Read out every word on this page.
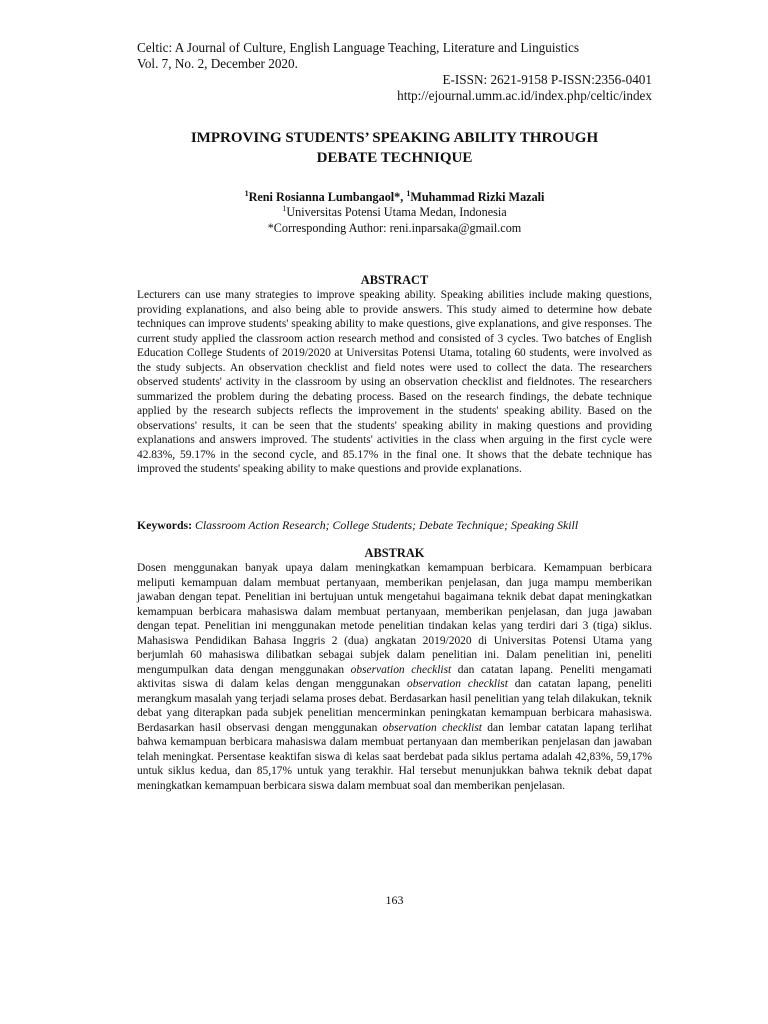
Celtic: A Journal of Culture, English Language Teaching, Literature and Linguistics
Vol. 7, No. 2, December 2020.
E-ISSN: 2621-9158 P-ISSN:2356-0401
http://ejournal.umm.ac.id/index.php/celtic/index
IMPROVING STUDENTS’ SPEAKING ABILITY THROUGH
DEBATE TECHNIQUE
$^1$Reni Rosianna Lumbangaol*, $^1$Muhammad Rizki Mazali
$^1$Universitas Potensi Utama Medan, Indonesia
*Corresponding Author: reni.inparsaka@gmail.com
ABSTRACT
Lecturers can use many strategies to improve speaking ability. Speaking abilities include making questions, providing explanations, and also being able to provide answers. This study aimed to determine how debate techniques can improve students' speaking ability to make questions, give explanations, and give responses. The current study applied the classroom action research method and consisted of 3 cycles. Two batches of English Education College Students of 2019/2020 at Universitas Potensi Utama, totaling 60 students, were involved as the study subjects. An observation checklist and field notes were used to collect the data. The researchers observed students' activity in the classroom by using an observation checklist and fieldnotes. The researchers summarized the problem during the debating process. Based on the research findings, the debate technique applied by the research subjects reflects the improvement in the students' speaking ability. Based on the observations' results, it can be seen that the students' speaking ability in making questions and providing explanations and answers improved. The students' activities in the class when arguing in the first cycle were 42.83%, 59.17% in the second cycle, and 85.17% in the final one. It shows that the debate technique has improved the students' speaking ability to make questions and provide explanations.
Keywords: Classroom Action Research; College Students; Debate Technique; Speaking Skill
ABSTRAK
Dosen menggunakan banyak upaya dalam meningkatkan kemampuan berbicara. Kemampuan berbicara meliputi kemampuan dalam membuat pertanyaan, memberikan penjelasan, dan juga mampu memberikan jawaban dengan tepat. Penelitian ini bertujuan untuk mengetahui bagaimana teknik debat dapat meningkatkan kemampuan berbicara mahasiswa dalam membuat pertanyaan, memberikan penjelasan, dan juga jawaban dengan tepat. Penelitian ini menggunakan metode penelitian tindakan kelas yang terdiri dari 3 (tiga) siklus. Mahasiswa Pendidikan Bahasa Inggris 2 (dua) angkatan 2019/2020 di Universitas Potensi Utama yang berjumlah 60 mahasiswa dilibatkan sebagai subjek dalam penelitian ini. Dalam penelitian ini, peneliti mengumpulkan data dengan menggunakan observation checklist dan catatan lapang. Peneliti mengamati aktivitas siswa di dalam kelas dengan menggunakan observation checklist dan catatan lapang, peneliti merangkum masalah yang terjadi selama proses debat. Berdasarkan hasil penelitian yang telah dilakukan, teknik debat yang diterapkan pada subjek penelitian mencerminkan peningkatan kemampuan berbicara mahasiswa. Berdasarkan hasil observasi dengan menggunakan observation checklist dan lembar catatan lapang terlihat bahwa kemampuan berbicara mahasiswa dalam membuat pertanyaan dan memberikan penjelasan dan jawaban telah meningkat. Persentase keaktifan siswa di kelas saat berdebat pada siklus pertama adalah 42,83%, 59,17% untuk siklus kedua, dan 85,17% untuk yang terakhir. Hal tersebut menunjukkan bahwa teknik debat dapat meningkatkan kemampuan berbicara siswa dalam membuat soal dan memberikan penjelasan.
163
